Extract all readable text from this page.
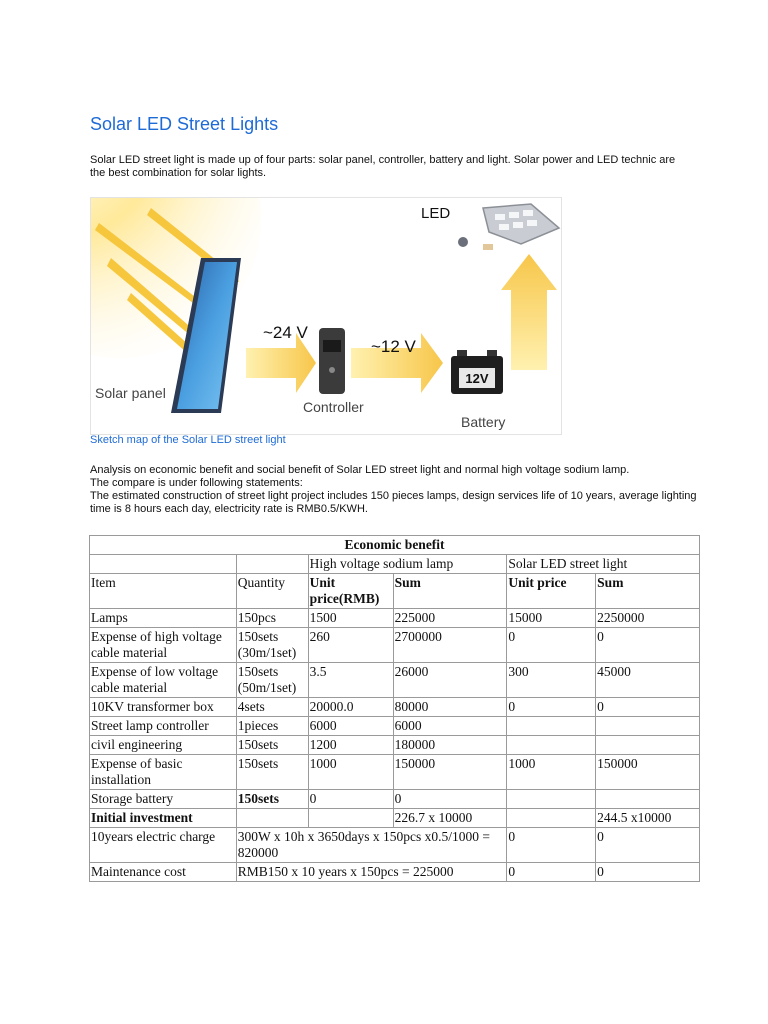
Solar LED Street Lights
Solar LED street light is made up of four parts: solar panel, controller, battery and light. Solar power and LED technic are the best combination for solar lights.
12V
LED
~24 V
~12 V
Solar panel
Controller
Battery
Sketch map of the Solar LED street light
Analysis on economic benefit and social benefit of Solar LED street light and normal high voltage sodium lamp.
The compare is under following statements:
The estimated construction of street light project includes 150 pieces lamps, design services life of 10 years, average lighting time is 8 hours each day, electricity rate is RMB0.5/KWH.
Economic benefit					
		High voltage sodium lamp		Solar LED street light	
Item	Quantity	Unit price(RMB)	Sum	Unit price	Sum
Lamps	150pcs	1500	225000	15000	2250000
Expense of high voltage cable material	150sets (30m/1set)	260	2700000	0	0
Expense of low voltage cable material	150sets (50m/1set)	3.5	26000	300	45000
10KV transformer box	4sets	20000.0	80000	0	0
Street lamp controller	1pieces	6000	6000		
civil engineering	150sets	1200	180000		
Expense of basic installation	150sets	1000	150000	1000	150000
Storage battery	150sets	0	0		
Initial investment			226.7 x 10000		244.5 x10000
10years electric charge	300W x 10h x 3650days x 150pcs x0.5/1000 = 820000			0	0
Maintenance cost	RMB150 x 10 years x 150pcs = 225000			0	0
